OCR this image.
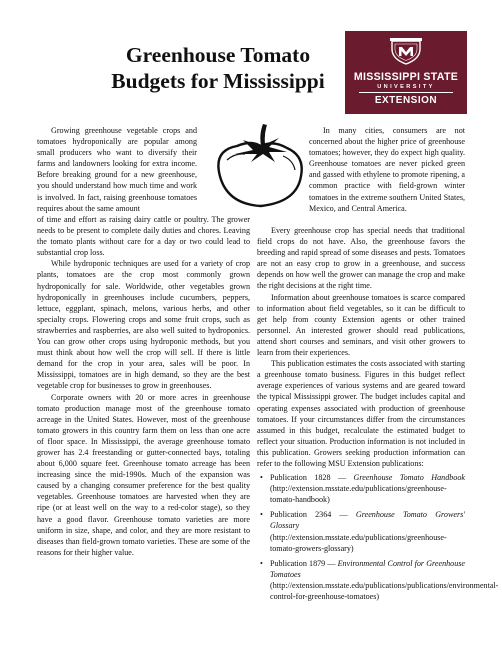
Greenhouse Tomato
Budgets for Mississippi	MISSISSIPPI STATE
UNIVERSITY
EXTENSION

Growing greenhouse vegetable crops and tomatoes hydroponically are popular among small producers who want to diversify their farms and landowners looking for extra income. Before breaking ground for a new greenhouse, you should understand how much time and work is involved. In fact, raising greenhouse tomatoes requires about the same amount

In many cities, consumers are not concerned about the higher price of greenhouse tomatoes; however, they do expect high quality. Greenhouse tomatoes are never picked green and gassed with ethylene to promote ripening, a common practice with field-grown winter tomatoes in the extreme southern United States, Mexico, and Central America.

of time and effort as raising dairy cattle or poultry. The grower needs to be present to complete daily duties and chores. Leaving the tomato plants without care for a day or two could lead to substantial crop loss.

While hydroponic techniques are used for a variety of crop plants, tomatoes are the crop most commonly grown hydroponically for sale. Worldwide, other vegetables grown hydroponically in greenhouses include cucumbers, peppers, lettuce, eggplant, spinach, melons, various herbs, and other specialty crops. Flowering crops and some fruit crops, such as strawberries and raspberries, are also well suited to hydroponics. You can grow other crops using hydroponic methods, but you must think about how well the crop will sell. If there is little demand for the crop in your area, sales will be poor. In Mississippi, tomatoes are in high demand, so they are the best vegetable crop for businesses to grow in greenhouses.

Corporate owners with 20 or more acres in greenhouse tomato production manage most of the greenhouse tomato acreage in the United States. However, most of the greenhouse tomato growers in this country farm them on less than one acre of floor space. In Mississippi, the average greenhouse tomato grower has 2.4 freestanding or gutter-connected bays, totaling about 6,000 square feet. Greenhouse tomato acreage has been increasing since the mid-1990s. Much of the expansion was caused by a changing consumer preference for the best quality vegetables. Greenhouse tomatoes are harvested when they are ripe (or at least well on the way to a red-color stage), so they have a good flavor. Greenhouse tomato varieties are more uniform in size, shape, and color, and they are more resistant to diseases than field-grown tomato varieties. These are some of the reasons for their higher value.

Every greenhouse crop has special needs that traditional field crops do not have. Also, the greenhouse favors the breeding and rapid spread of some diseases and pests. Tomatoes are not an easy crop to grow in a greenhouse, and success depends on how well the grower can manage the crop and make the right decisions at the right time.

Information about greenhouse tomatoes is scarce compared to information about field vegetables, so it can be difficult to get help from county Extension agents or other trained personnel. An interested grower should read publications, attend short courses and seminars, and visit other growers to learn from their experiences.

This publication estimates the costs associated with starting a greenhouse tomato business. Figures in this budget reflect average experiences of various systems and are geared toward the typical Mississippi grower. The budget includes capital and operating expenses associated with production of greenhouse tomatoes. If your circumstances differ from the circumstances assumed in this budget, recalculate the estimated budget to reflect your situation. Production information is not included in this publication. Growers seeking production information can refer to the following MSU Extension publications:

• Publication 1828 — Greenhouse Tomato Handbook (http://extension.msstate.edu/publications/greenhouse-tomato-handbook)
• Publication 2364 — Greenhouse Tomato Growers' Glossary (http://extension.msstate.edu/publications/greenhouse-tomato-growers-glossary)
• Publication 1879 — Environmental Control for Greenhouse Tomatoes (http://extension.msstate.edu/publications/publications/environmental-control-for-greenhouse-tomatoes)
